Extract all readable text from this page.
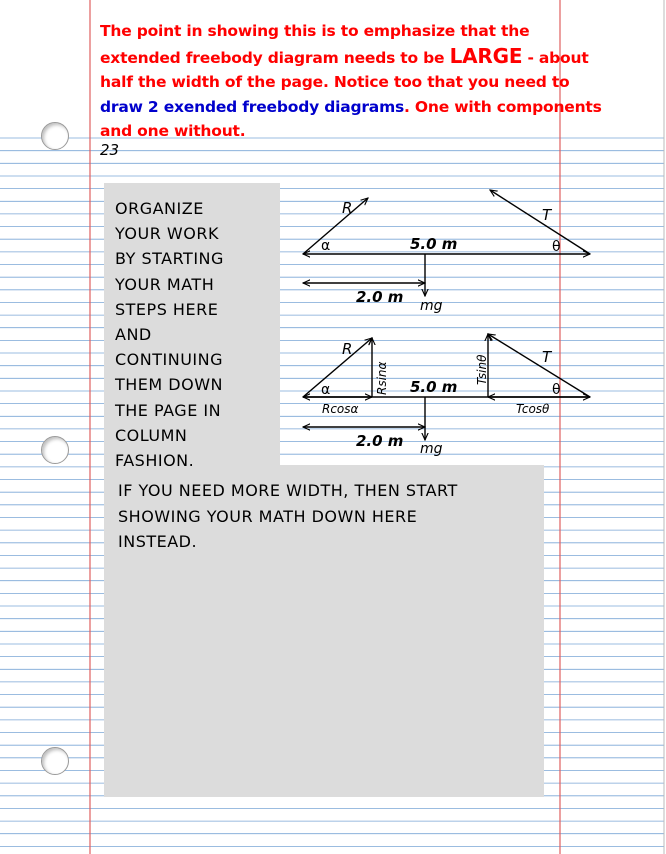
The point in showing this is to emphasize that the
extended freebody diagram needs to be LARGE - about
half the width of the page. Notice too that you need to
draw 2 exended freebody diagrams. One with components
and one without.
23
ORGANIZE
YOUR WORK
BY STARTING
YOUR MATH
STEPS HERE
AND
CONTINUING
THEM DOWN
THE PAGE IN
COLUMN
FASHION.
IF YOU NEED MORE WIDTH, THEN START
SHOWING YOUR MATH DOWN HERE
INSTEAD.
R	T
α	θ
5.0 m
2.0 m mg
R	T
α	θ
5.0 m
2.0 m mg
Rcosα	Tcosθ
Rsinα	Tsinθ
